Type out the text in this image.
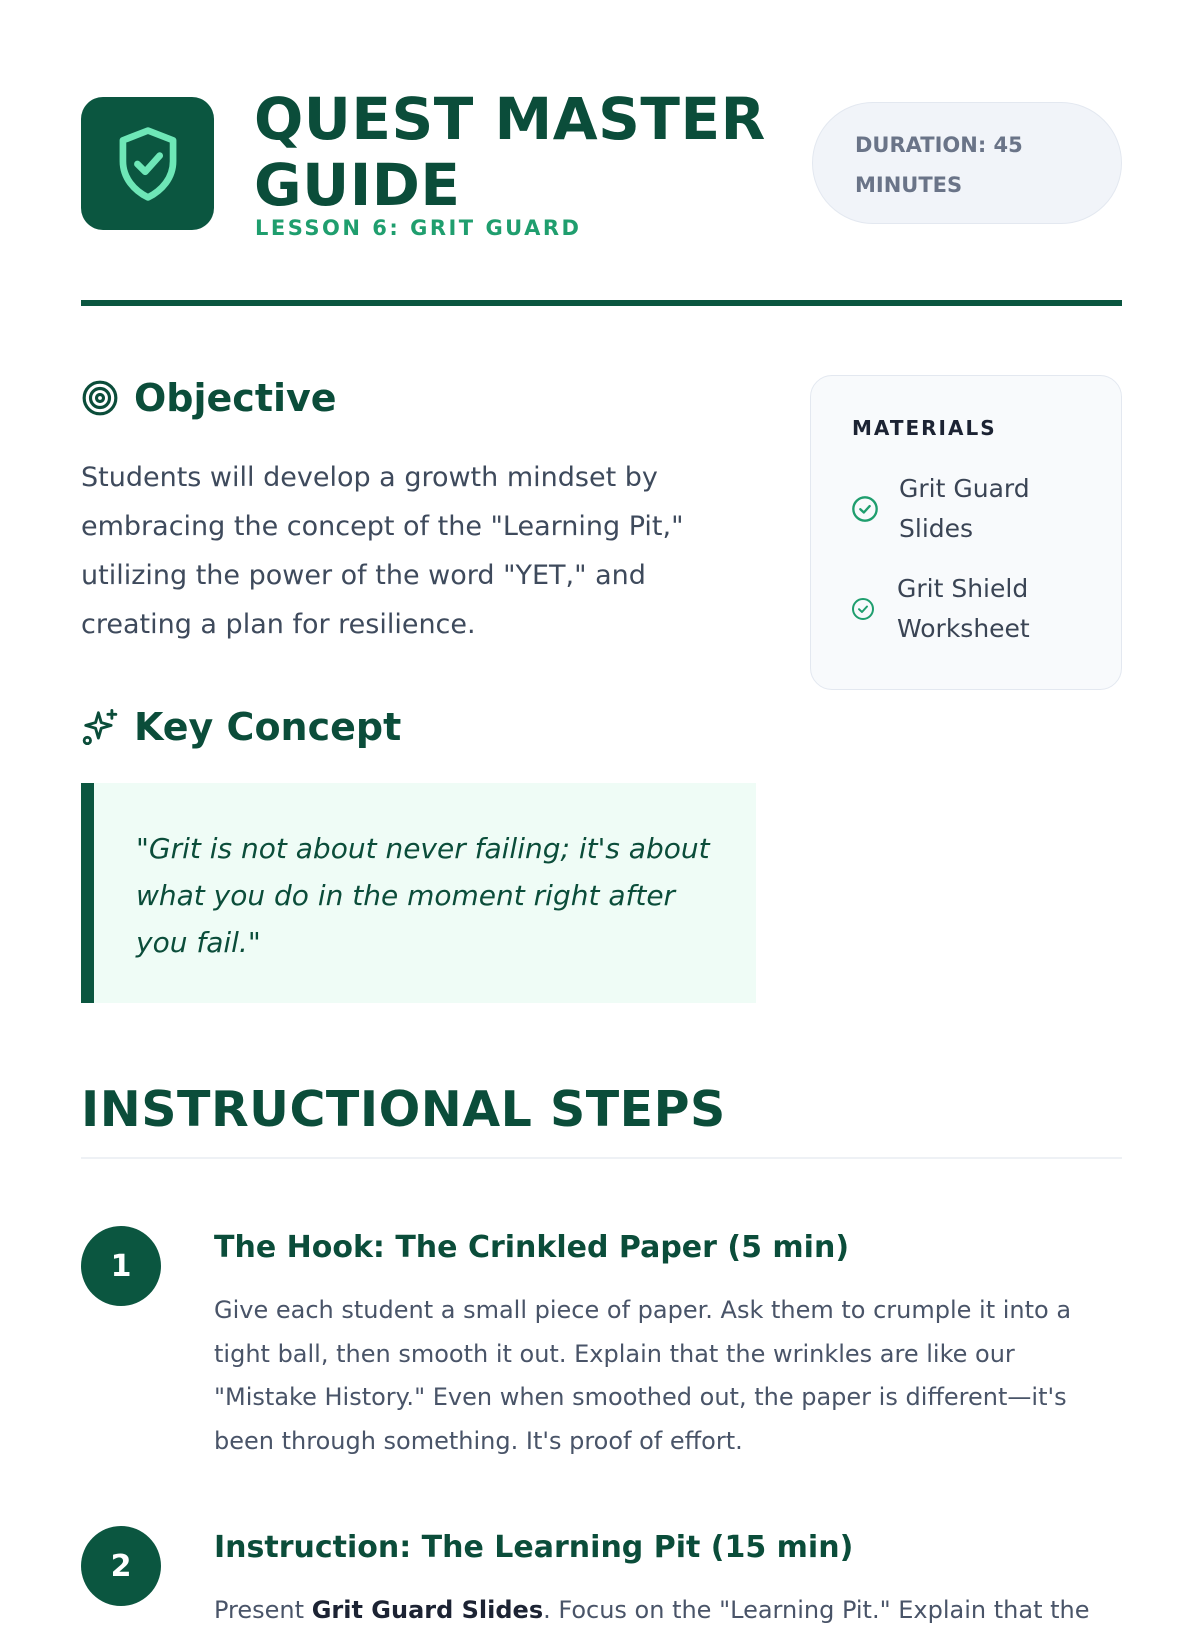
QUEST MASTER GUIDE
LESSON 6: GRIT GUARD
DURATION: 45 MINUTES
Objective
Students will develop a growth mindset by embracing the concept of the "Learning Pit," utilizing the power of the word "YET," and creating a plan for resilience.
MATERIALS
Grit Guard Slides
Grit Shield Worksheet
Key Concept
"Grit is not about never failing; it's about what you do in the moment right after you fail."
INSTRUCTIONAL STEPS
1
The Hook: The Crinkled Paper (5 min)
Give each student a small piece of paper. Ask them to crumple it into a tight ball, then smooth it out. Explain that the wrinkles are like our "Mistake History." Even when smoothed out, the paper is different—it's been through something. It's proof of effort.
2
Instruction: The Learning Pit (15 min)
Present Grit Guard Slides. Focus on the "Learning Pit." Explain that the
